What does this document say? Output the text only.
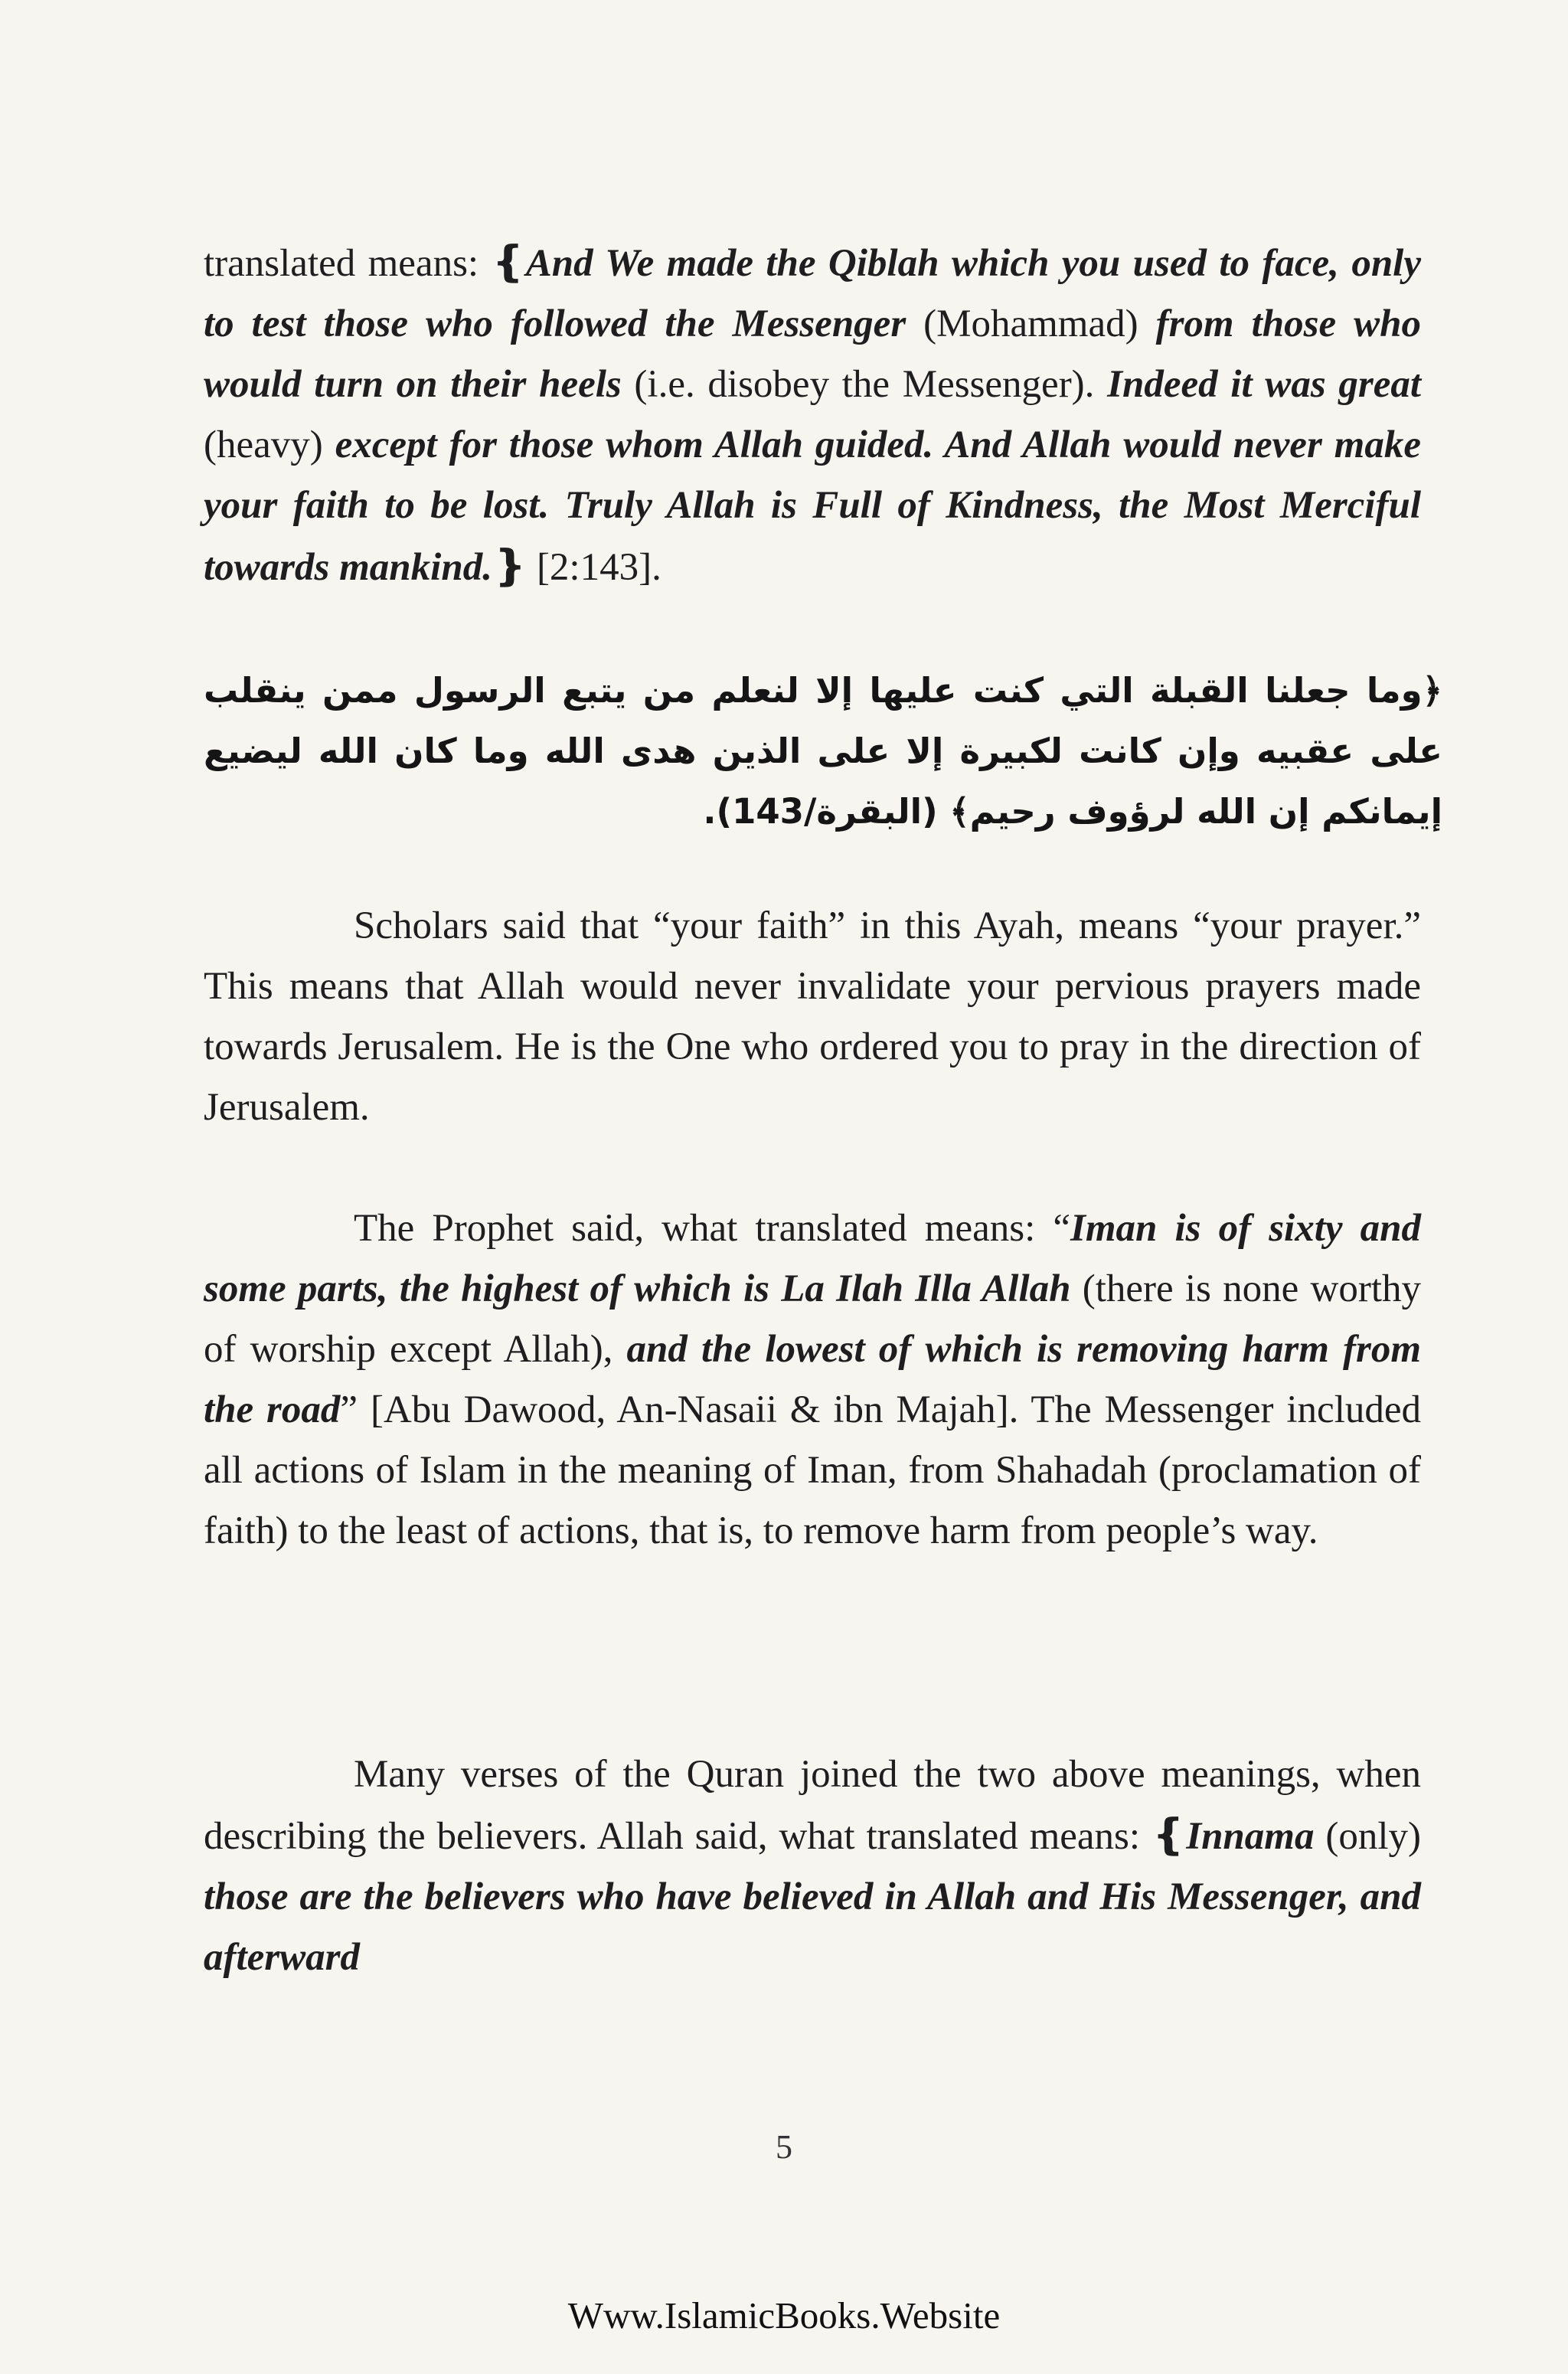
translated means: ❴And We made the Qiblah which you used to face, only to test those who followed the Messenger (Mohammad) from those who would turn on their heels (i.e. disobey the Messenger). Indeed it was great (heavy) except for those whom Allah guided. And Allah would never make your faith to be lost. Truly Allah is Full of Kindness, the Most Merciful towards mankind.❵ [2:143].

﴿وما جعلنا القبلة التي كنت عليها إلا لنعلم من يتبع الرسول ممن ينقلب على عقبيه وإن كانت لكبيرة إلا على الذين هدى الله وما كان الله ليضيع إيمانكم إن الله لرؤوف رحيم﴾ (البقرة/143).

Scholars said that “your faith” in this Ayah, means “your prayer.” This means that Allah would never invalidate your pervious prayers made towards Jerusalem. He is the One who ordered you to pray in the direction of Jerusalem.

The Prophet said, what translated means: “Iman is of sixty and some parts, the highest of which is La Ilah Illa Allah (there is none worthy of worship except Allah), and the lowest of which is removing harm from the road” [Abu Dawood, An-Nasaii & ibn Majah]. The Messenger included all actions of Islam in the meaning of Iman, from Shahadah (proclamation of faith) to the least of actions, that is, to remove harm from people’s way.

Many verses of the Quran joined the two above meanings, when describing the believers. Allah said, what translated means: ❴Innama (only) those are the believers who have believed in Allah and His Messenger, and afterward

5
Www.IslamicBooks.Website
